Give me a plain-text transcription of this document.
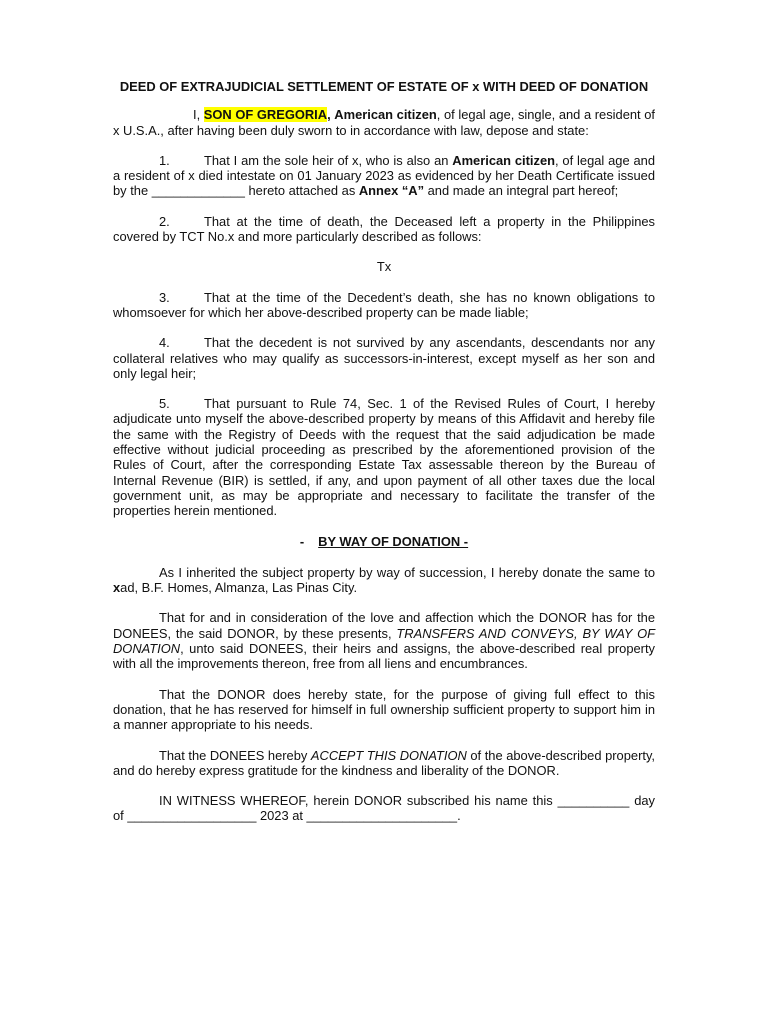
DEED OF EXTRAJUDICIAL SETTLEMENT OF ESTATE OF x WITH DEED OF DONATION

I, SON OF GREGORIA, American citizen, of legal age, single, and a resident of x U.S.A., after having been duly sworn to in accordance with law, depose and state:

1.	That I am the sole heir of x, who is also an American citizen, of legal age and a resident of x died intestate on 01 January 2023 as evidenced by her Death Certificate issued by the _____________ hereto attached as Annex “A” and made an integral part hereof;

2.	That at the time of death, the Deceased left a property in the Philippines covered by TCT No.x and more particularly described as follows:

Tx

3.	That at the time of the Decedent’s death, she has no known obligations to whomsoever for which her above-described property can be made liable;

4.	That the decedent is not survived by any ascendants, descendants nor any collateral relatives who may qualify as successors-in-interest, except myself as her son and only legal heir;

5.	That pursuant to Rule 74, Sec. 1 of the Revised Rules of Court, I hereby adjudicate unto myself the above-described property by means of this Affidavit and hereby file the same with the Registry of Deeds with the request that the said adjudication be made effective without judicial proceeding as prescribed by the aforementioned provision of the Rules of Court, after the corresponding Estate Tax assessable thereon by the Bureau of Internal Revenue (BIR) is settled, if any, and upon payment of all other taxes due the local government unit, as may be appropriate and necessary to facilitate the transfer of the properties herein mentioned.

- BY WAY OF DONATION -

As I inherited the subject property by way of succession, I hereby donate the same to xad, B.F. Homes, Almanza, Las Pinas City.

That for and in consideration of the love and affection which the DONOR has for the DONEES, the said DONOR, by these presents, TRANSFERS AND CONVEYS, BY WAY OF DONATION, unto said DONEES, their heirs and assigns, the above-described real property with all the improvements thereon, free from all liens and encumbrances.

That the DONOR does hereby state, for the purpose of giving full effect to this donation, that he has reserved for himself in full ownership sufficient property to support him in a manner appropriate to his needs.

That the DONEES hereby ACCEPT THIS DONATION of the above-described property, and do hereby express gratitude for the kindness and liberality of the DONOR.

IN WITNESS WHEREOF, herein DONOR subscribed his name this __________ day of __________________ 2023 at _____________________.
